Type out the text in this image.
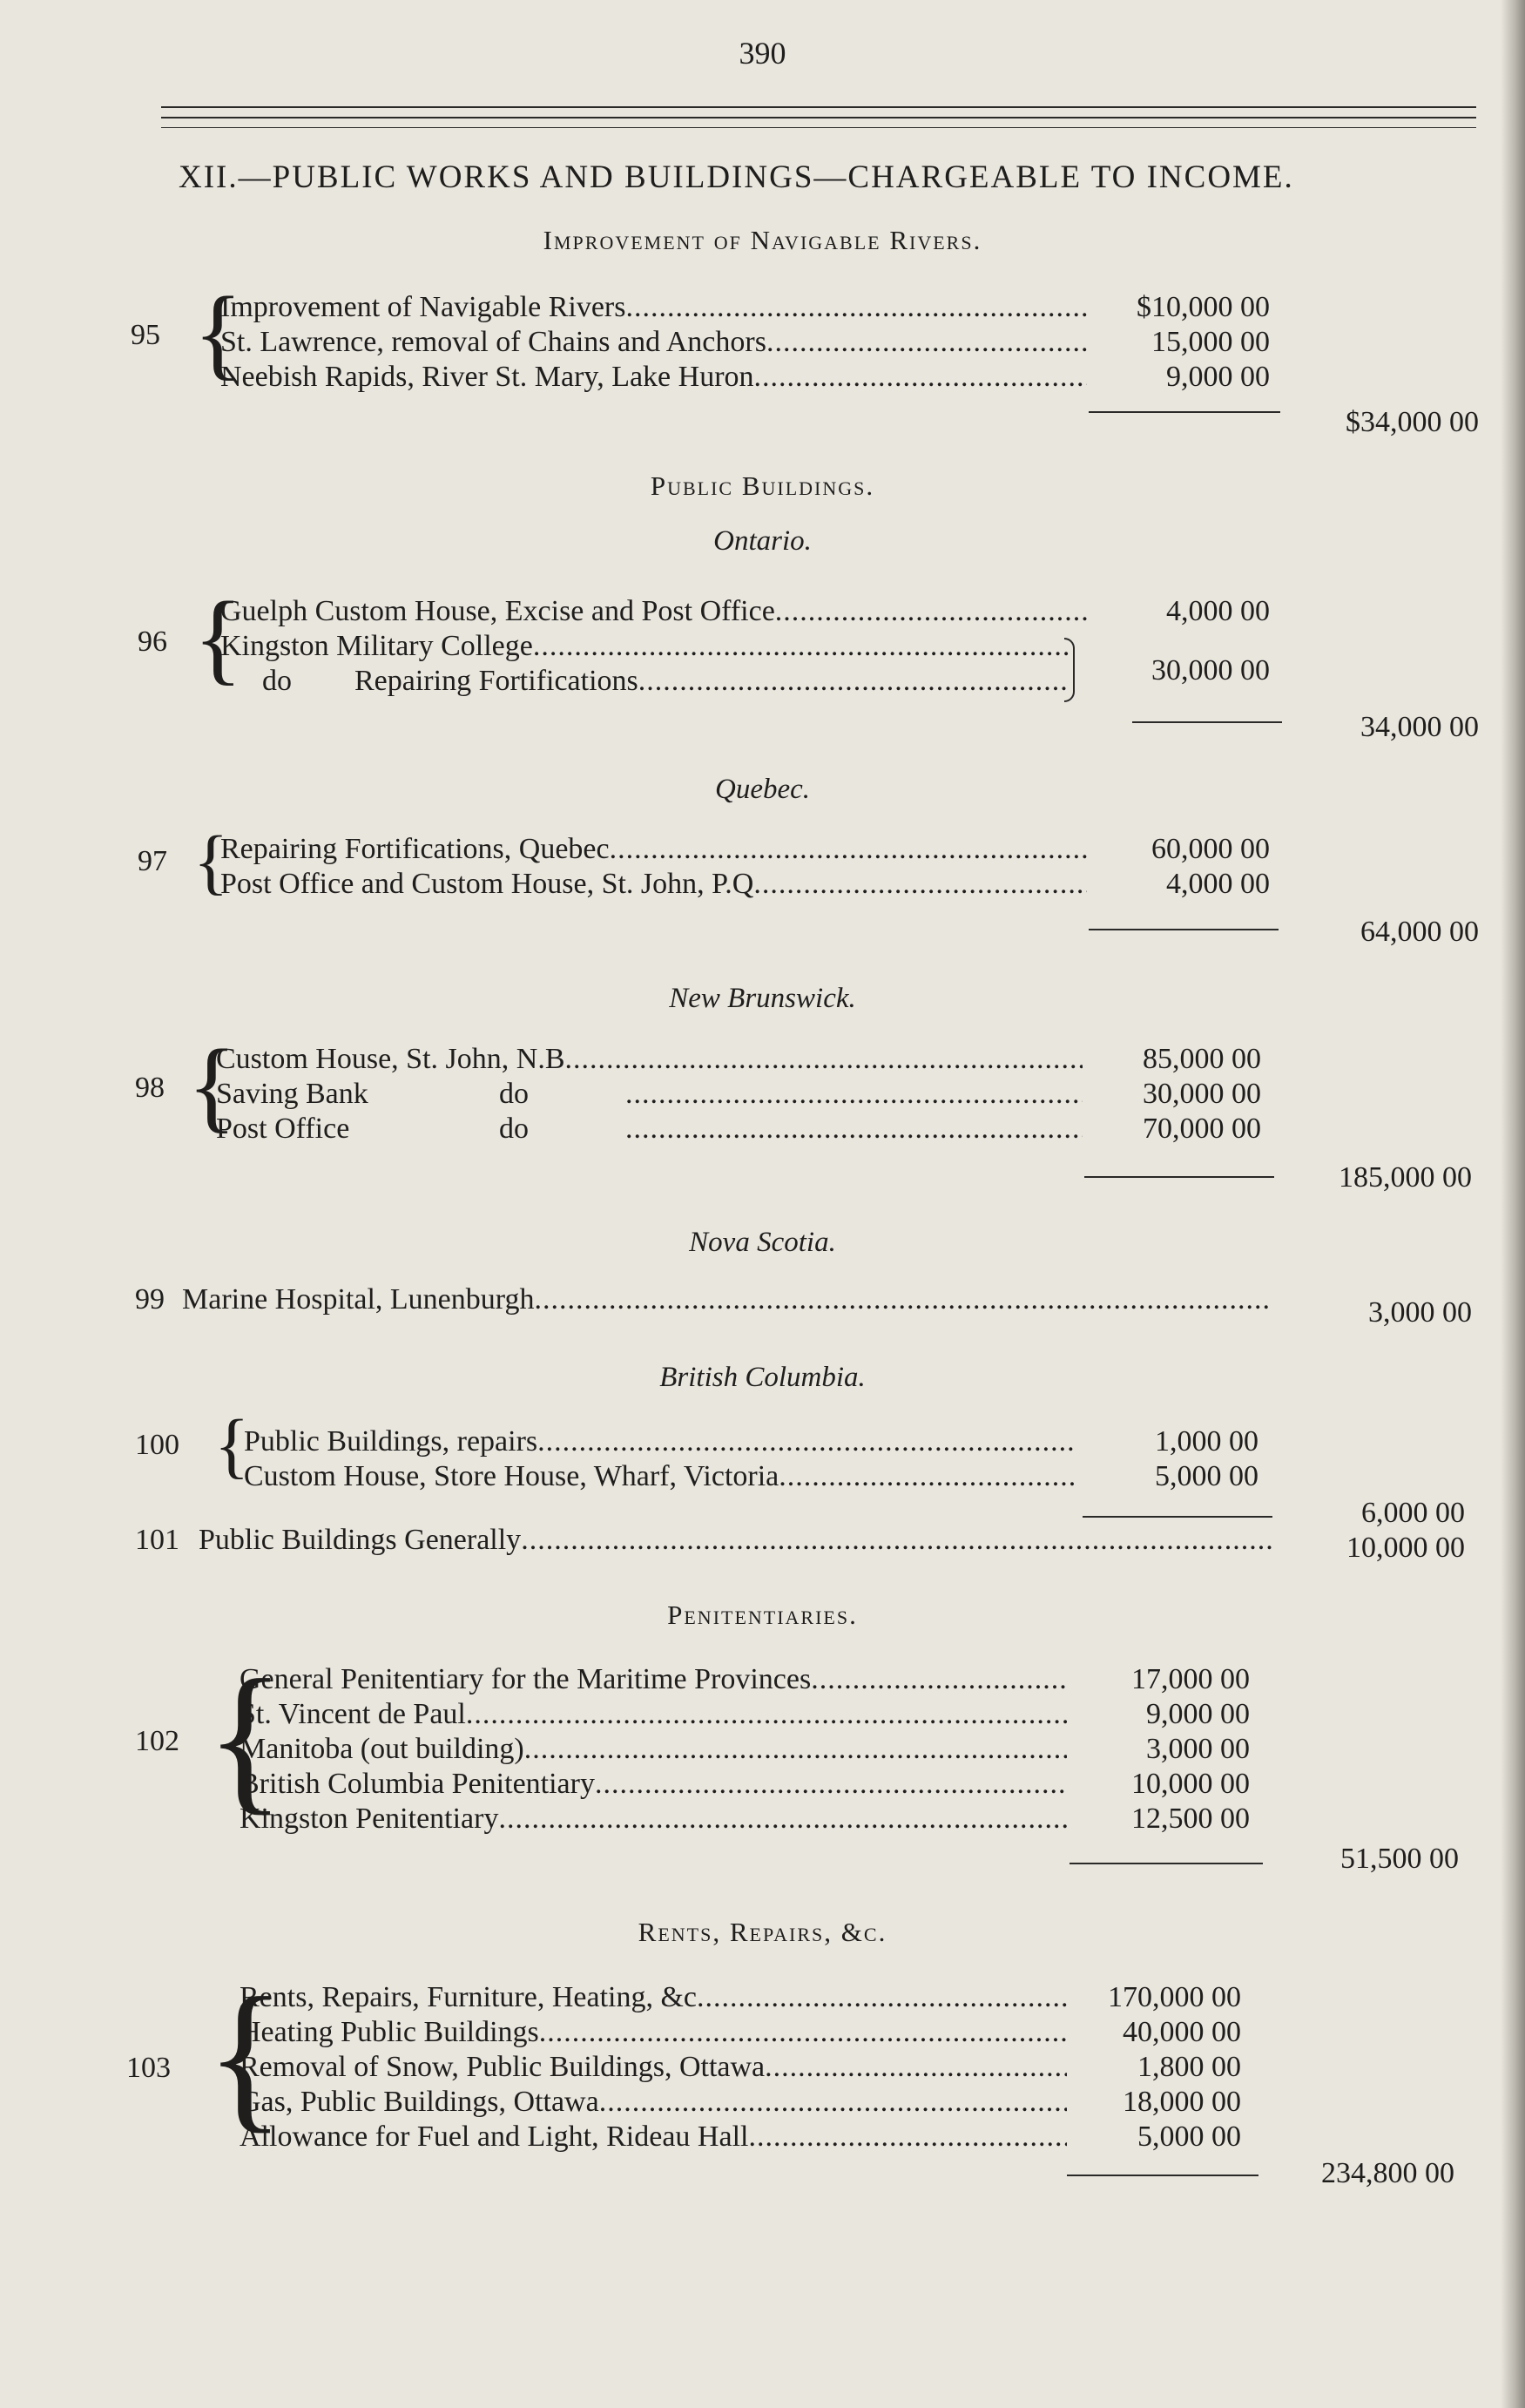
390
XII.—PUBLIC WORKS AND BUILDINGS—CHARGEABLE TO INCOME.
Improvement of Navigable Rivers.
95 {
Improvement of Navigable Rivers .....	$10,000 00
St. Lawrence, removal of Chains and Anchors .....	15,000 00
Neebish Rapids, River St. Mary, Lake Huron .....	9,000 00
$34,000 00
Public Buildings.
Ontario.
96 {
Guelph Custom House, Excise and Post Office .....	4,000 00
Kingston Military College
.....
do	Repairing Fortifications .....	30,000 00
34,000 00
Quebec.
97 {
Repairing Fortifications, Quebec .....	60,000 00
Post Office and Custom House, St. John, P.Q .....	4,000 00
64,000 00
New Brunswick.
98 {
Custom House, St. John, N.B .....	85,000 00
Saving Bank	do .....	30,000 00
Post Office	do .....	70,000 00
185,000 00
Nova Scotia.
99 Marine Hospital, Lunenburgh .....	3,000 00
British Columbia.
100 {
Public Buildings, repairs .....	1,000 00
Custom House, Store House, Wharf, Victoria .....	5,000 00
6,000 00
101 Public Buildings Generally .....	10,000 00
Penitentiaries.
102 {
General Penitentiary for the Maritime Provinces .....	17,000 00
St. Vincent de Paul .....	9,000 00
Manitoba (out building) .....	3,000 00
British Columbia Penitentiary .....	10,000 00
Kingston Penitentiary .....	12,500 00
51,500 00
Rents, Repairs, &c.
103 {
Rents, Repairs, Furniture, Heating, &c .....	170,000 00
Heating Public Buildings .....	40,000 00
Removal of Snow, Public Buildings, Ottawa .....	1,800 00
Gas, Public Buildings, Ottawa .....	18,000 00
Allowance for Fuel and Light, Rideau Hall .....	5,000 00
234,800 00
